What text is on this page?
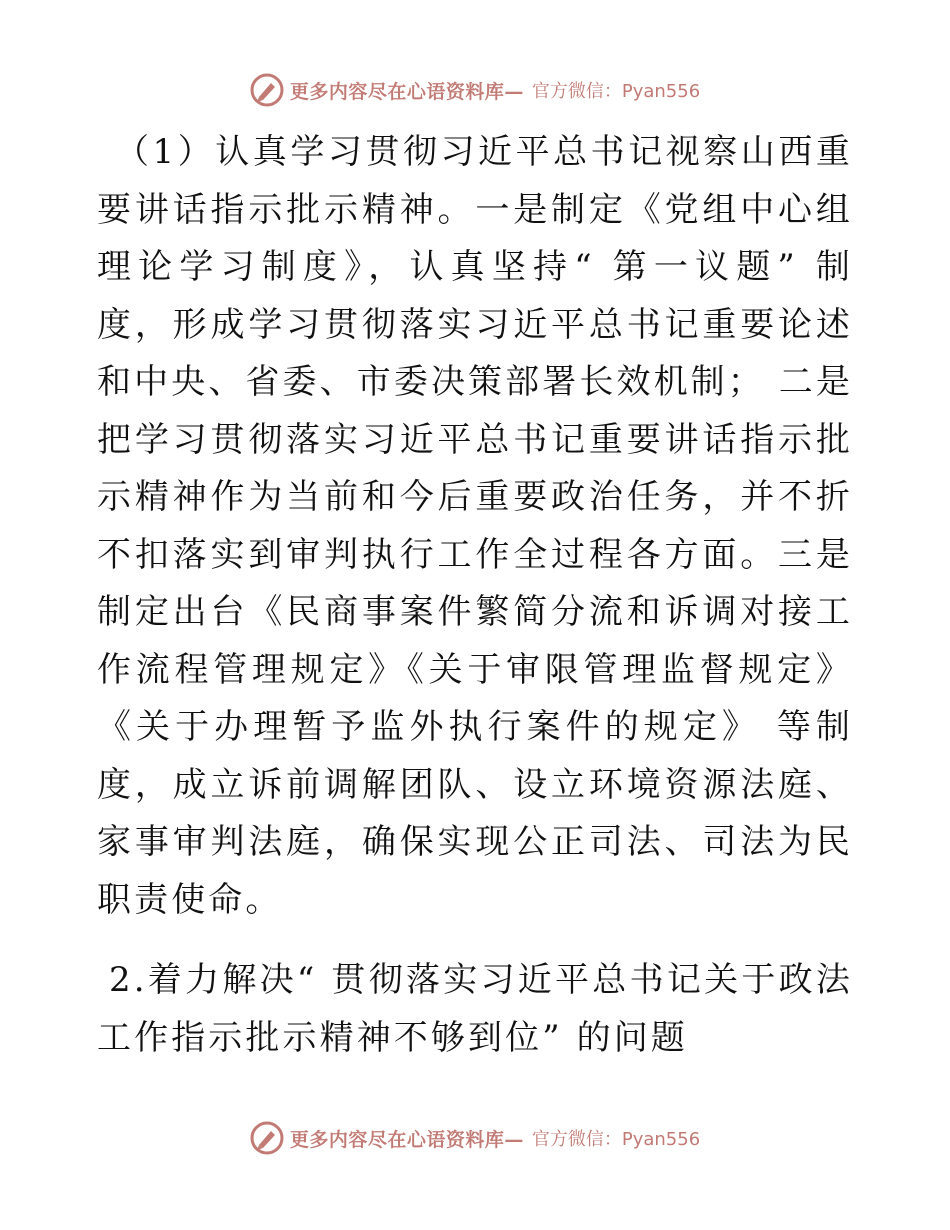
更多内容尽在心语资料库— 官方微信：Pyan556

（1）认真学习贯彻习近平总书记视察山西重要讲话指示批示精神。一是制定《党组中心组理论学习制度》，认真坚持“ 第一议题” 制度，形成学习贯彻落实习近平总书记重要论述和中央、省委、市委决策部署长效机制； 二是把学习贯彻落实习近平总书记重要讲话指示批示精神作为当前和今后重要政治任务，并不折不扣落实到审判执行工作全过程各方面。三是制定出台《民商事案件繁简分流和诉调对接工作流程管理规定》《关于审限管理监督规定》《关于办理暂予监外执行案件的规定》 等制度，成立诉前调解团队、设立环境资源法庭、家事审判法庭，确保实现公正司法、司法为民职责使命。

2.着力解决“ 贯彻落实习近平总书记关于政法工作指示批示精神不够到位” 的问题

更多内容尽在心语资料库— 官方微信：Pyan556
